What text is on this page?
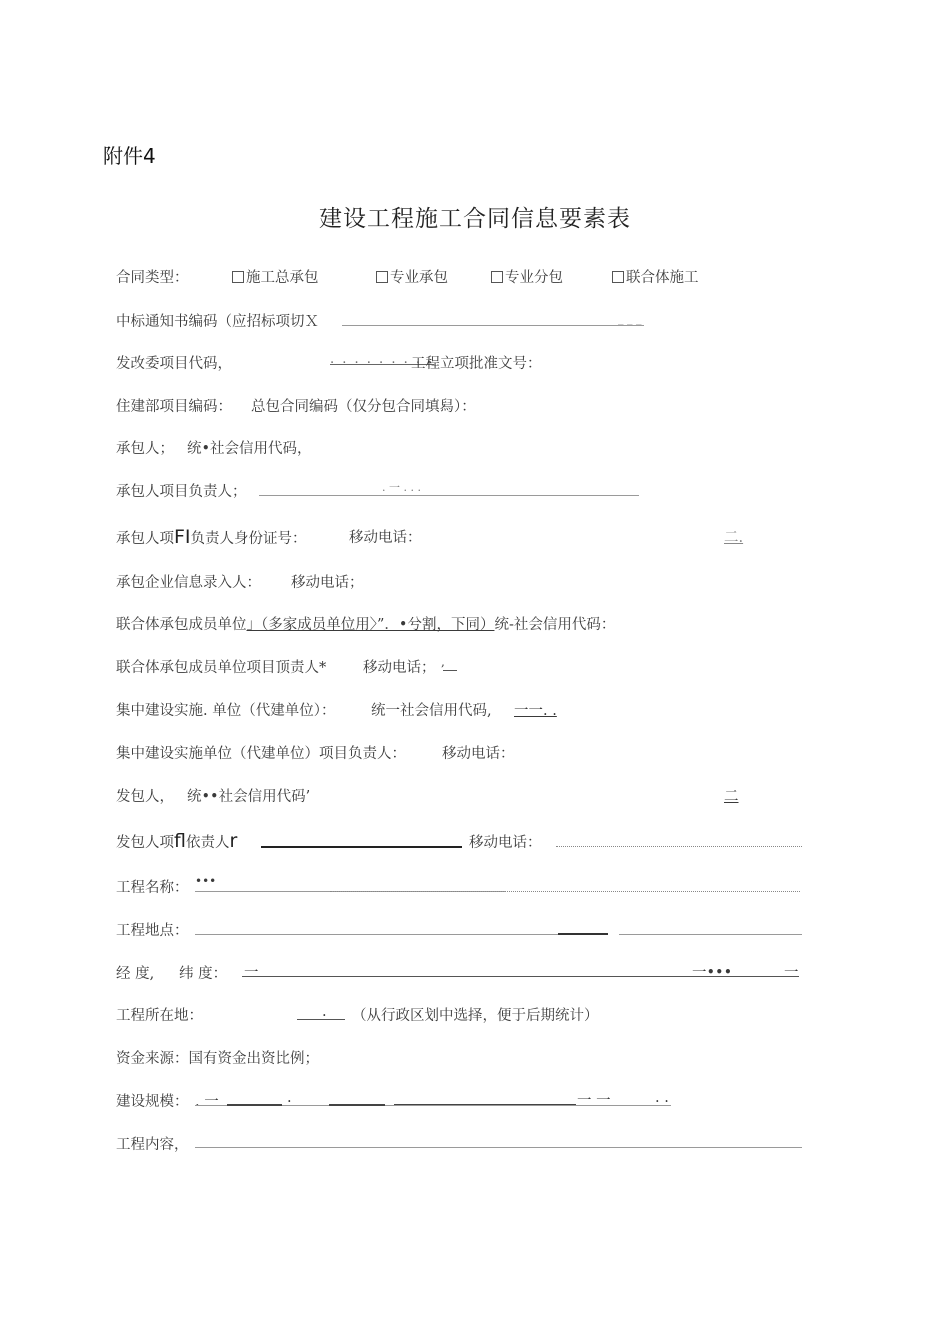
附件4
建设工程施工合同信息要素表
合同类型：	施工总承包	专业承包	专业分包	联合体施工
中标通知书编码（应招标项切Ｘ	_ _ _
发改委项目代码，	. . . . . . . . .
工程立项批准文号：
住建部项目编码： 总包合同编码（仅分包合同填舄）：
承包人； 统•社会信用代码，
承包人项目负责人；	. 一 . . .
承包人项FI负责人身份证号：	移动电话：	二.
承包企业信息录入人： 移动电话；
联合体承包成员单位」（多家成员单位用〉”．•兮割，下同）统-社会信用代码：
联合体承包成员单位项目顶责人*	移动电话； ,
集中建设实施. 单位（代建单位）： 统一社会信用代码, 一一. .
集中建设实施单位（代建单位）项目负责人： 移动电话：
发包人， 统••社会信用代码’	二
发包人项fl依责人r	移动电话：
工程名称： •••
工程地点：
经 度, 纬 度： 一	一•••	一
工程所在地：	. （从行政区划中选择，便于后期统计）
资金来源：国有资金出资比例；
建设规模： . 一	.	一 一	. .
工程内容，
